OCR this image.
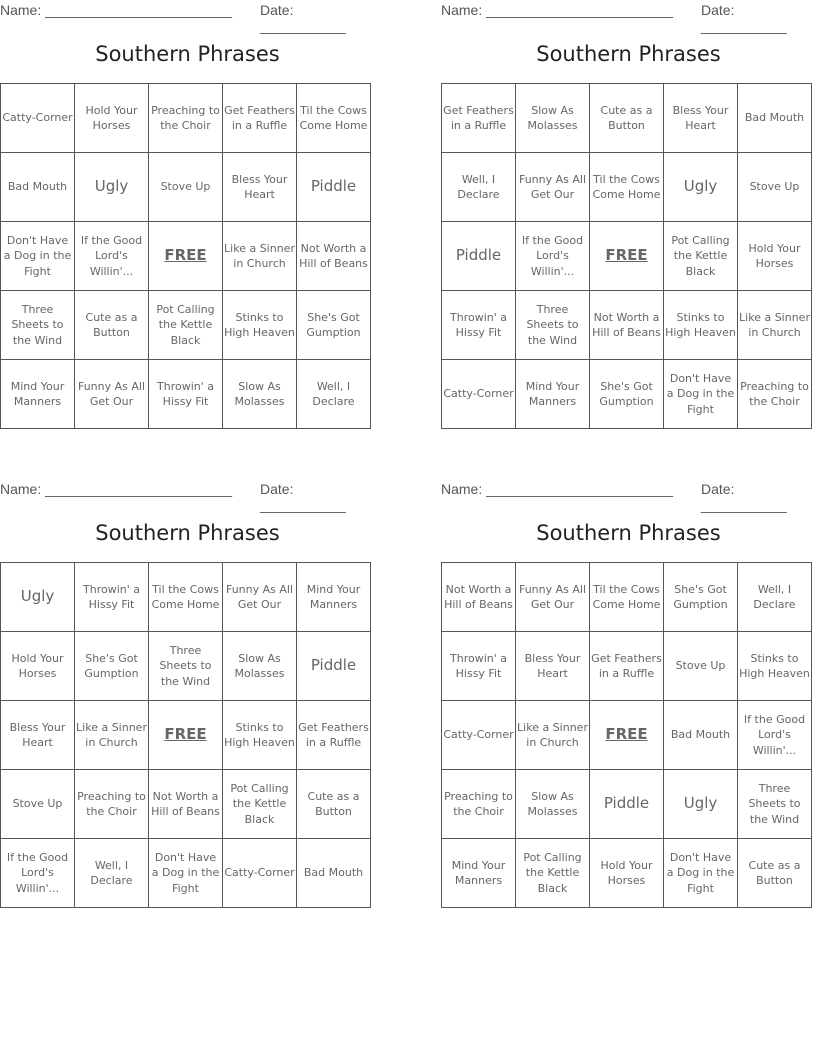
Name: ________________________ Date: ___________
Southern Phrases
Catty-Corner	Hold Your Horses	Preaching to the Choir	Get Feathers in a Ruffle	Til the Cows Come Home
Bad Mouth	Ugly	Stove Up	Bless Your Heart	Piddle
Don't Have a Dog in the Fight	If the Good Lord's Willin'...	FREE	Like a Sinner in Church	Not Worth a Hill of Beans
Three Sheets to the Wind	Cute as a Button	Pot Calling the Kettle Black	Stinks to High Heaven	She's Got Gumption
Mind Your Manners	Funny As All Get Our	Throwin' a Hissy Fit	Slow As Molasses	Well, I Declare
Name: ________________________ Date: ___________
Southern Phrases
Get Feathers in a Ruffle	Slow As Molasses	Cute as a Button	Bless Your Heart	Bad Mouth
Well, I Declare	Funny As All Get Our	Til the Cows Come Home	Ugly	Stove Up
Piddle	If the Good Lord's Willin'...	FREE	Pot Calling the Kettle Black	Hold Your Horses
Throwin' a Hissy Fit	Three Sheets to the Wind	Not Worth a Hill of Beans	Stinks to High Heaven	Like a Sinner in Church
Catty-Corner	Mind Your Manners	She's Got Gumption	Don't Have a Dog in the Fight	Preaching to the Choir
Name: ________________________ Date: ___________
Southern Phrases
Ugly	Throwin' a Hissy Fit	Til the Cows Come Home	Funny As All Get Our	Mind Your Manners
Hold Your Horses	She's Got Gumption	Three Sheets to the Wind	Slow As Molasses	Piddle
Bless Your Heart	Like a Sinner in Church	FREE	Stinks to High Heaven	Get Feathers in a Ruffle
Stove Up	Preaching to the Choir	Not Worth a Hill of Beans	Pot Calling the Kettle Black	Cute as a Button
If the Good Lord's Willin'...	Well, I Declare	Don't Have a Dog in the Fight	Catty-Corner	Bad Mouth
Name: ________________________ Date: ___________
Southern Phrases
Not Worth a Hill of Beans	Funny As All Get Our	Til the Cows Come Home	She's Got Gumption	Well, I Declare
Throwin' a Hissy Fit	Bless Your Heart	Get Feathers in a Ruffle	Stove Up	Stinks to High Heaven
Catty-Corner	Like a Sinner in Church	FREE	Bad Mouth	If the Good Lord's Willin'...
Preaching to the Choir	Slow As Molasses	Piddle	Ugly	Three Sheets to the Wind
Mind Your Manners	Pot Calling the Kettle Black	Hold Your Horses	Don't Have a Dog in the Fight	Cute as a Button
